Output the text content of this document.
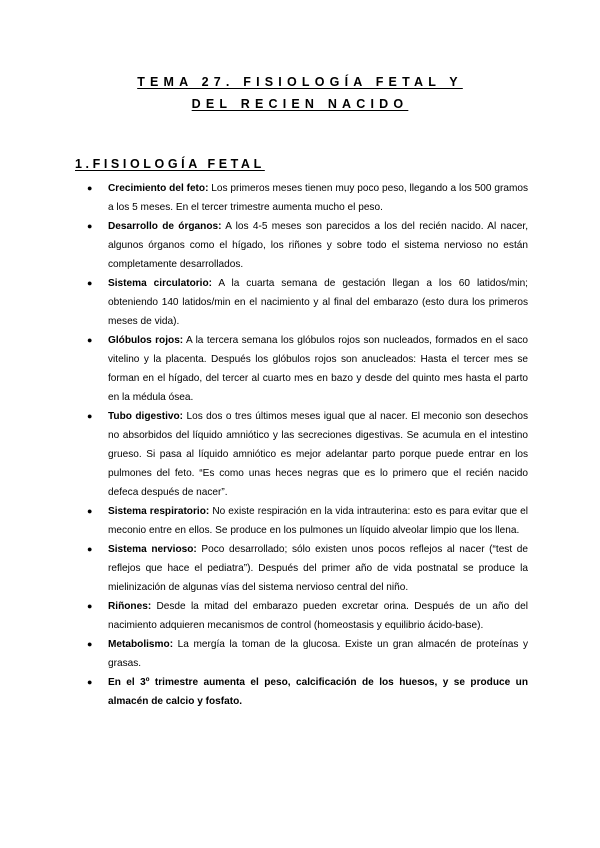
TEMA 27. FISIOLOGÍA FETAL Y
DEL RECIEN NACIDO
1.FISIOLOGÍA FETAL
● Crecimiento del feto: Los primeros meses tienen muy poco peso, llegando a los 500 gramos a los 5 meses. En el tercer trimestre aumenta mucho el peso.
● Desarrollo de órganos: A los 4-5 meses son parecidos a los del recién nacido. Al nacer, algunos órganos como el hígado, los riñones y sobre todo el sistema nervioso no están completamente desarrollados.
● Sistema circulatorio: A la cuarta semana de gestación llegan a los 60 latidos/min; obteniendo 140 latidos/min en el nacimiento y al final del embarazo (esto dura los primeros meses de vida).
● Glóbulos rojos: A la tercera semana los glóbulos rojos son nucleados, formados en el saco vitelino y la placenta. Después los glóbulos rojos son anucleados: Hasta el tercer mes se forman en el hígado, del tercer al cuarto mes en bazo y desde del quinto mes hasta el parto en la médula ósea.
● Tubo digestivo: Los dos o tres últimos meses igual que al nacer. El meconio son desechos no absorbidos del líquido amniótico y las secreciones digestivas. Se acumula en el intestino grueso. Si pasa al líquido amniótico es mejor adelantar parto porque puede entrar en los pulmones del feto. “Es como unas heces negras que es lo primero que el recién nacido defeca después de nacer”.
● Sistema respiratorio: No existe respiración en la vida intrauterina: esto es para evitar que el meconio entre en ellos. Se produce en los pulmones un líquido alveolar limpio que los llena.
● Sistema nervioso: Poco desarrollado; sólo existen unos pocos reflejos al nacer (“test de reflejos que hace el pediatra”). Después del primer año de vida postnatal se produce la mielinización de algunas vías del sistema nervioso central del niño.
● Riñones: Desde la mitad del embarazo pueden excretar orina. Después de un año del nacimiento adquieren mecanismos de control (homeostasis y equilibrio ácido-base).
● Metabolismo: La mergía la toman de la glucosa. Existe un gran almacén de proteínas y grasas.
● En el 3º trimestre aumenta el peso, calcificación de los huesos, y se produce un almacén de calcio y fosfato.
